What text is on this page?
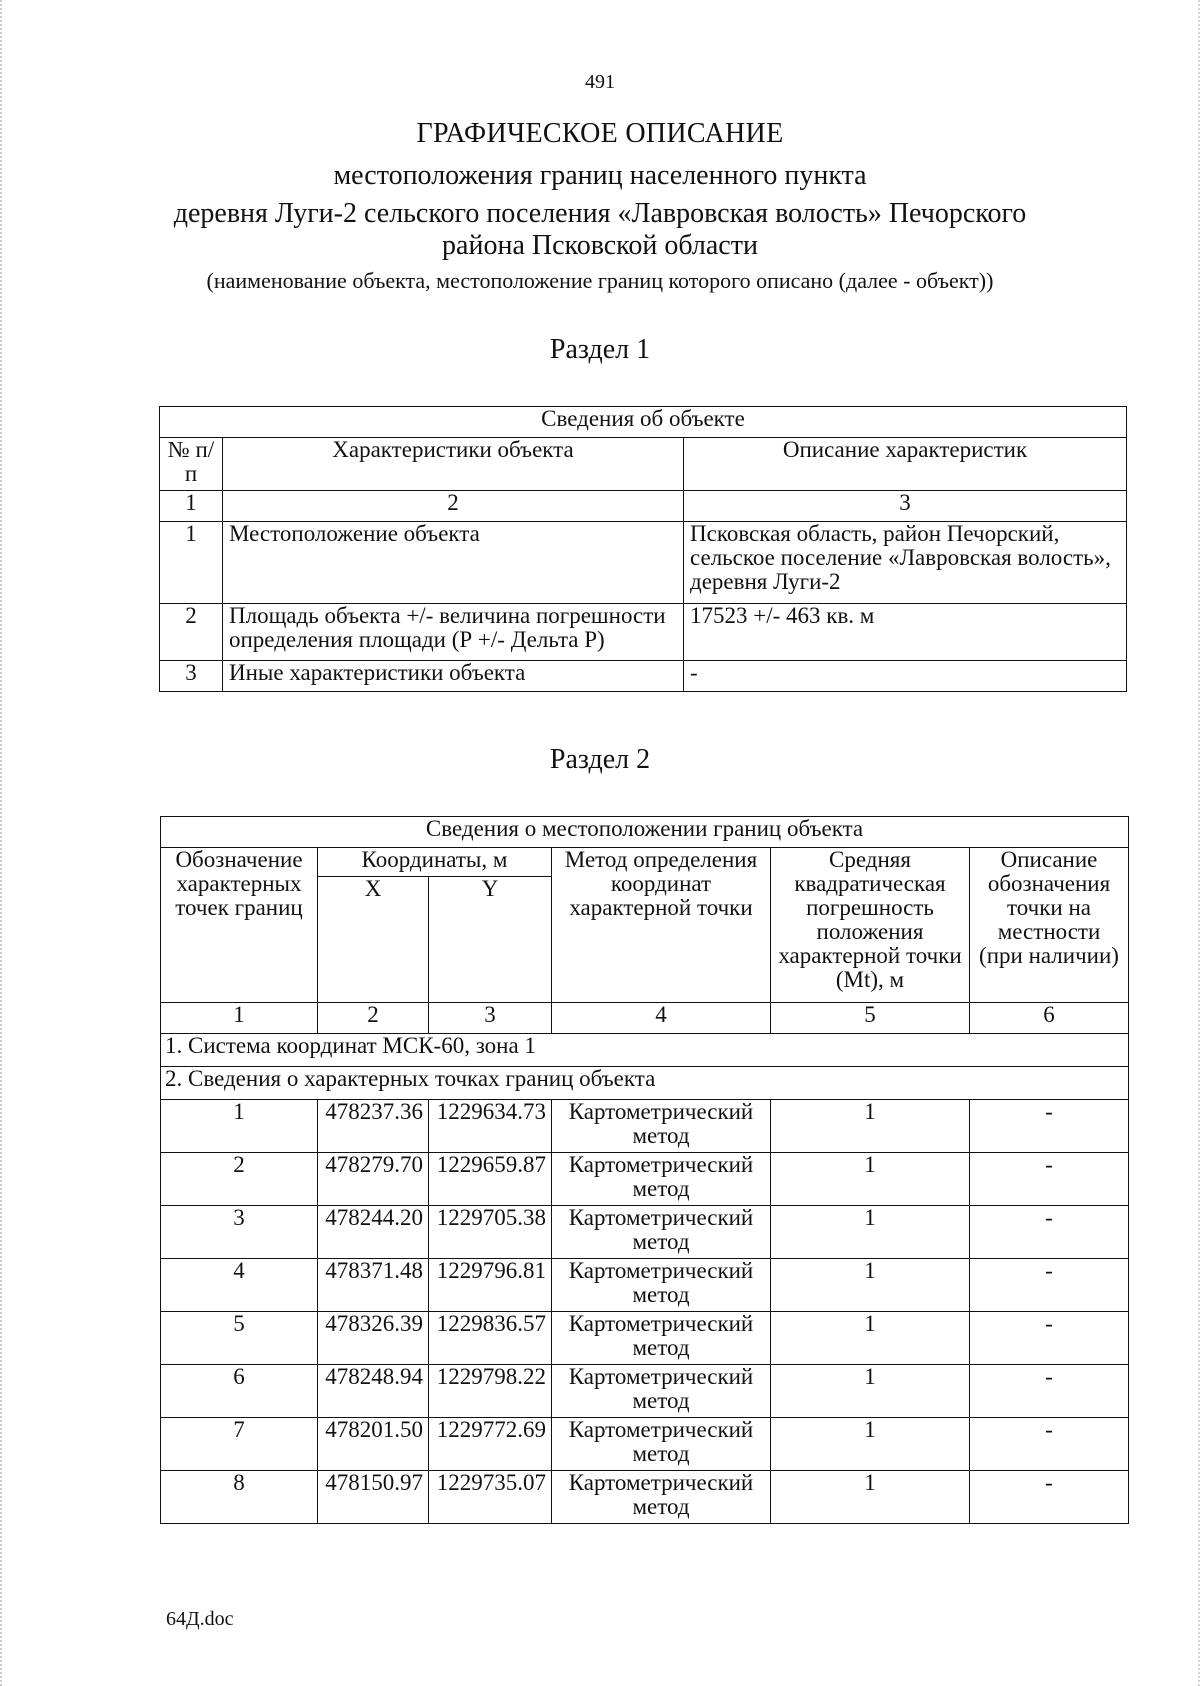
491
ГРАФИЧЕСКОЕ ОПИСАНИЕ
местоположения границ населенного пункта
деревня Луги-2 сельского поселения «Лавровская волость» Печорского
района Псковской области
(наименование объекта, местоположение границ которого описано (далее - объект))
Раздел 1
Сведения об объекте		
№ п/п	Характеристики объекта	Описание характеристик
1	2	3
1	Местоположение объекта	Псковская область, район Печорский, сельское поселение «Лавровская волость», деревня Луги-2
2	Площадь объекта +/- величина погрешности определения площади (Р +/- Дельта Р)	17523 +/- 463 кв. м
3	Иные характеристики объекта	-
Раздел 2
Сведения о местоположении границ объекта					
Обозначение характерных точек границ	Координаты, м		Метод определения координат характерной точки	Средняя квадратическая погрешность положения характерной точки (Mt), м	Описание обозначения точки на местности (при наличии)
	X	Y			
1	2	3	4	5	6
1. Система координат МСК-60, зона 1					
2. Сведения о характерных точках границ объекта					
1	478237.36	1229634.73	Картометрический метод	1	-
2	478279.70	1229659.87	Картометрический метод	1	-
3	478244.20	1229705.38	Картометрический метод	1	-
4	478371.48	1229796.81	Картометрический метод	1	-
5	478326.39	1229836.57	Картометрический метод	1	-
6	478248.94	1229798.22	Картометрический метод	1	-
7	478201.50	1229772.69	Картометрический метод	1	-
8	478150.97	1229735.07	Картометрический метод	1	-
64Д.doc
